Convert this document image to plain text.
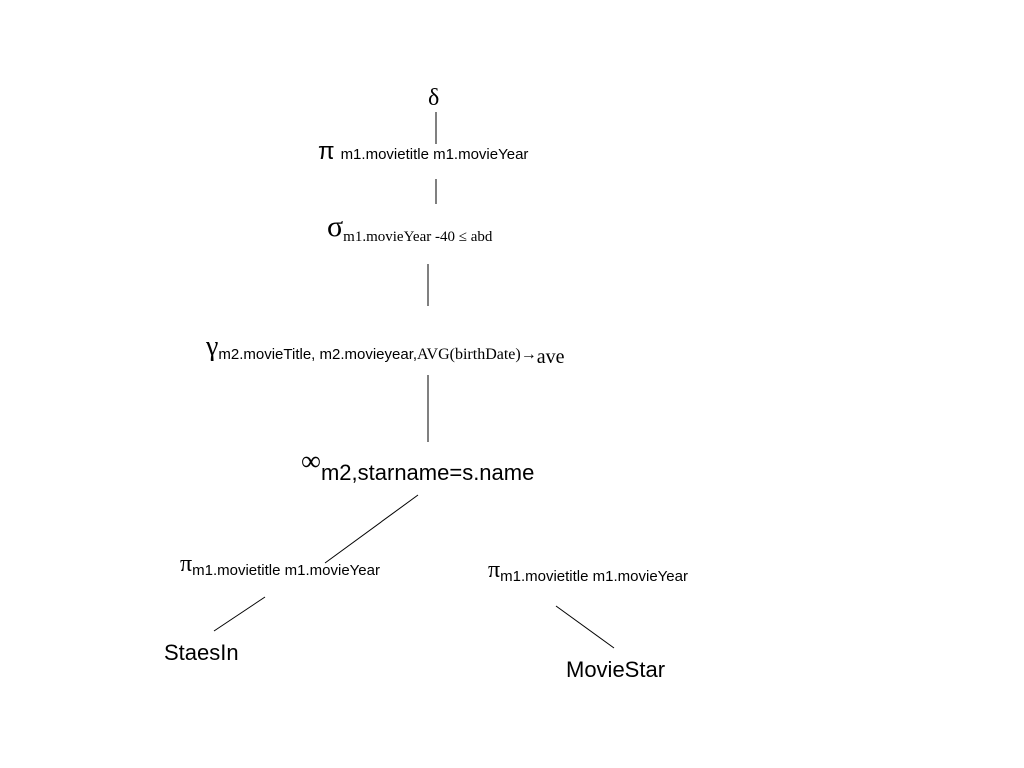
δ
πm1.movietitle m1.movieYear
σm1.movieYear -40 ≤ abd
γm2.movieTitle, m2.movieyear,AVG(birthDate)→ave
∞m2,starname=s.name
πm1.movietitle m1.movieYear	πm1.movietitle m1.movieYear
StaesIn
MovieStar
